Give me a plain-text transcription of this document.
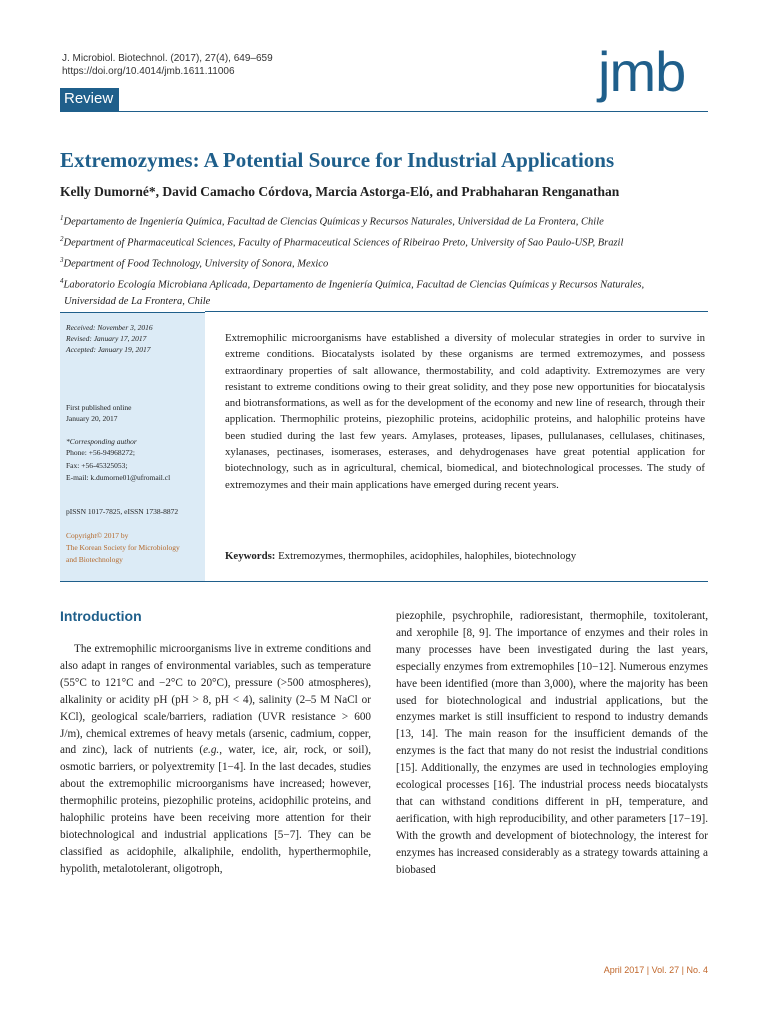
J. Microbiol. Biotechnol. (2017), 27(4), 649–659
https://doi.org/10.4014/jmb.1611.11006	jmb
Review
Extremozymes: A Potential Source for Industrial Applications
Kelly Dumorné*, David Camacho Córdova, Marcia Astorga-Eló, and Prabhaharan Renganathan
$^1$Departamento de Ingeniería Química, Facultad de Ciencias Químicas y Recursos Naturales, Universidad de La Frontera, Chile
$^2$Department of Pharmaceutical Sciences, Faculty of Pharmaceutical Sciences of Ribeirao Preto, University of Sao Paulo-USP, Brazil
$^3$Department of Food Technology, University of Sonora, Mexico
$^4$Laboratorio Ecología Microbiana Aplicada, Departamento de Ingeniería Química, Facultad de Ciencias Químicas y Recursos Naturales,
Universidad de La Frontera, Chile
Received: November 3, 2016
Revised: January 17, 2017
Accepted: January 19, 2017
First published online
January 20, 2017
*Corresponding author
Phone: +56-94968272;
Fax: +56-45325053;
E-mail: k.dumorne01@ufromail.cl
pISSN 1017-7825, eISSN 1738-8872
Copyright© 2017 by
The Korean Society for Microbiology
and Biotechnology
Extremophilic microorganisms have established a diversity of molecular strategies in order to survive in extreme conditions. Biocatalysts isolated by these organisms are termed extremozymes, and possess extraordinary properties of salt allowance, thermostability, and cold adaptivity. Extremozymes are very resistant to extreme conditions owing to their great solidity, and they pose new opportunities for biocatalysis and biotransformations, as well as for the development of the economy and new line of research, through their application. Thermophilic proteins, piezophilic proteins, acidophilic proteins, and halophilic proteins have been studied during the last few years. Amylases, proteases, lipases, pullulanases, cellulases, chitinases, xylanases, pectinases, isomerases, esterases, and dehydrogenases have great potential application for biotechnology, such as in agricultural, chemical, biomedical, and biotechnological processes. The study of extremozymes and their main applications have emerged during recent years.
Keywords: Extremozymes, thermophiles, acidophiles, halophiles, biotechnology
Introduction
The extremophilic microorganisms live in extreme conditions and also adapt in ranges of environmental variables, such as temperature (55°C to 121°C and −2°C to 20°C), pressure (>500 atmospheres), alkalinity or acidity pH (pH > 8, pH < 4), salinity (2–5 M NaCl or KCl), geological scale/barriers, radiation (UVR resistance > 600 J/m), chemical extremes of heavy metals (arsenic, cadmium, copper, and zinc), lack of nutrients (e.g., water, ice, air, rock, or soil), osmotic barriers, or polyextremity [1−4]. In the last decades, studies about the extremophilic microorganisms have increased; however, thermophilic proteins, piezophilic proteins, acidophilic proteins, and halophilic proteins have been receiving more attention for their biotechnological and industrial applications [5−7]. They can be classified as acidophile, alkaliphile, endolith, hyperthermophile, hypolith, metalotolerant, oligotroph,
piezophile, psychrophile, radioresistant, thermophile, toxitolerant, and xerophile [8, 9]. The importance of enzymes and their roles in many processes have been investigated during the last years, especially enzymes from extremophiles [10−12]. Numerous enzymes have been identified (more than 3,000), where the majority has been used for biotechnological and industrial applications, but the enzymes market is still insufficient to respond to industry demands [13, 14]. The main reason for the insufficient demands of the enzymes is the fact that many do not resist the industrial conditions [15]. Additionally, the enzymes are used in technologies employing ecological processes [16]. The industrial process needs biocatalysts that can withstand conditions different in pH, temperature, and aerification, with high reproducibility, and other parameters [17−19]. With the growth and development of biotechnology, the interest for enzymes has increased considerably as a strategy towards attaining a biobased
April 2017 | Vol. 27 | No. 4
